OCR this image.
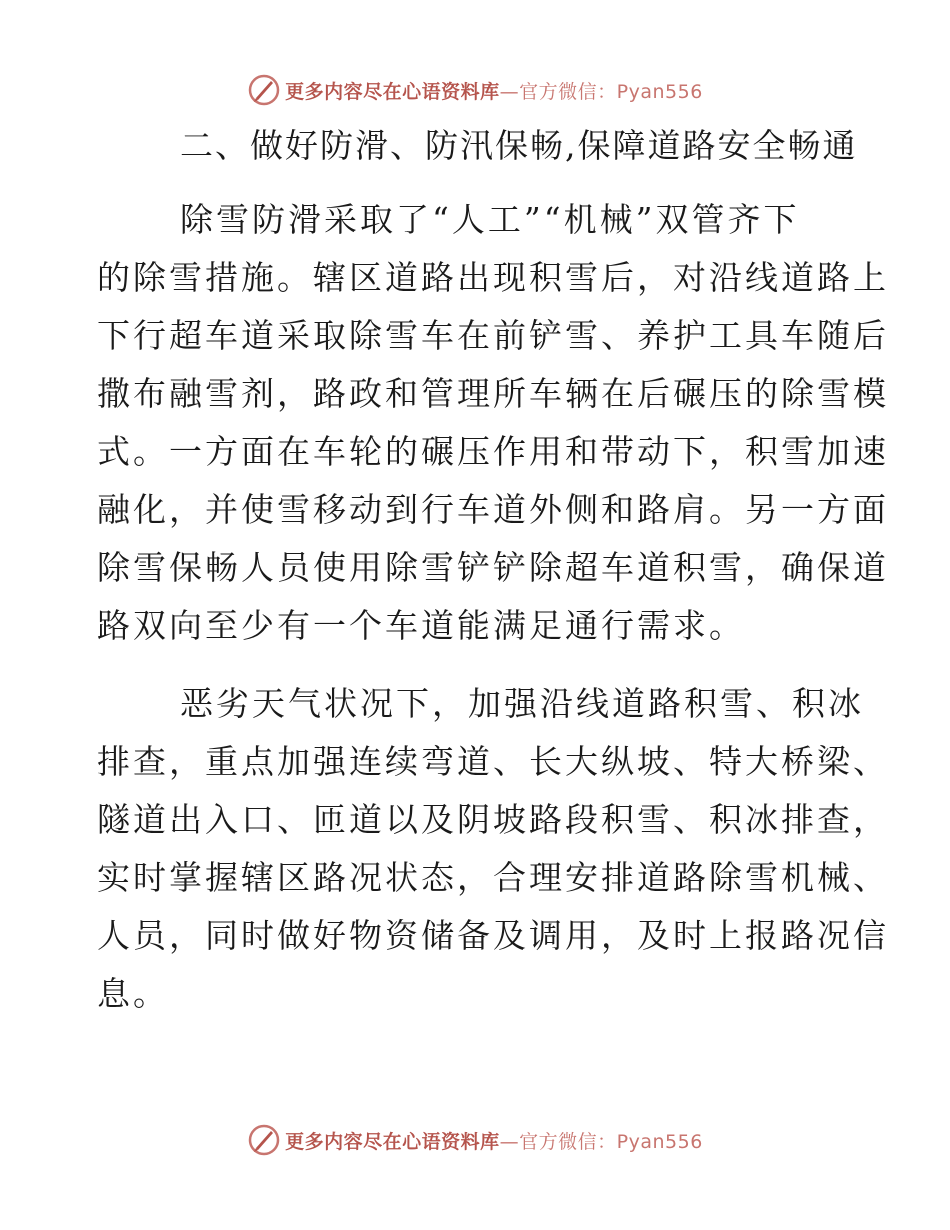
更多内容尽在心语资料库—官方微信：Pyan556
二、做好防滑、防汛保畅,保障道路安全畅通
除雪防滑采取了“人工”“机械”双管齐下
的除雪措施。辖区道路出现积雪后，对沿线道路上
下行超车道采取除雪车在前铲雪、养护工具车随后
撒布融雪剂，路政和管理所车辆在后碾压的除雪模
式。一方面在车轮的碾压作用和带动下，积雪加速
融化，并使雪移动到行车道外侧和路肩。另一方面
除雪保畅人员使用除雪铲铲除超车道积雪，确保道
路双向至少有一个车道能满足通行需求。
恶劣天气状况下，加强沿线道路积雪、积冰
排查，重点加强连续弯道、长大纵坡、特大桥梁、
隧道出入口、匝道以及阴坡路段积雪、积冰排查，
实时掌握辖区路况状态，合理安排道路除雪机械、
人员，同时做好物资储备及调用，及时上报路况信
息。
更多内容尽在心语资料库—官方微信：Pyan556
